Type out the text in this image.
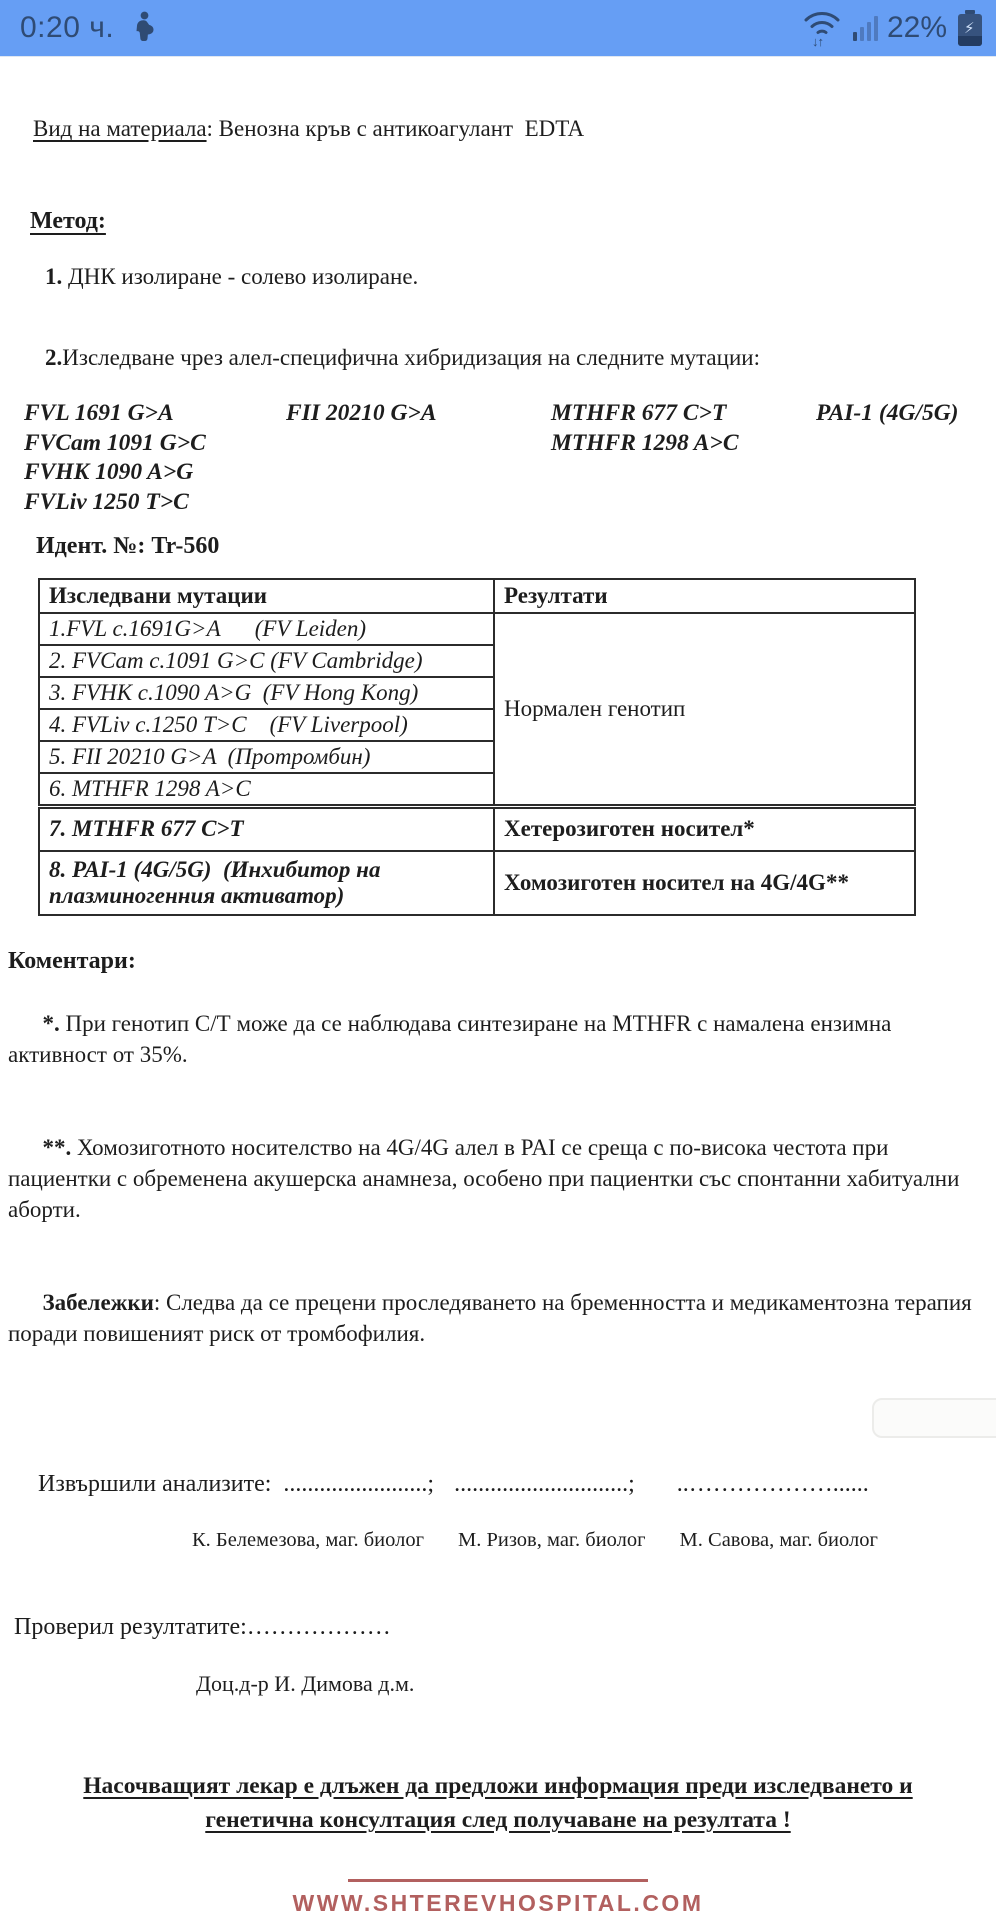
0:20 ч.	↓↑ 22% ⚡

Вид на материала: Венозна кръв с антикоагулант  EDTA

Метод:

1. ДНК изолиране - солево изолиране.

2.Изследване чрез алел-специфична хибридизация на следните мутации:

FVL 1691 G>A	FII 20210 G>A	MTHFR 677 C>T	PAI-1 (4G/5G)
FVCam 1091 G>C	MTHFR 1298 A>C
FVHK 1090 A>G
FVLiv 1250 T>C
Идент. №: Tr-560
Изследвани мутации	Резултати
1.FVL c.1691G>A      (FV Leiden)	Нормален генотип
2. FVCam c.1091 G>C (FV Cambridge)	
3. FVHK c.1090 A>G  (FV Hong Kong)	
4. FVLiv c.1250 T>C    (FV Liverpool)	
5. FII 20210 G>A  (Протромбин)	
6. MTHFR 1298 A>C	
7. MTHFR 677 C>T	Хетерозиготен носител*
8. PAI-1 (4G/5G)  (Инхибитор на плазминогенния активатор)	Хомозиготен носител на 4G/4G**
Коментари:

*. При генотип С/Т може да се наблюдава синтезиране на MTHFR с намалена ензимна активност от 35%.

**. Хомозиготното носителство на 4G/4G алел в PAI се среща с по-висока честота при пациентки с обременена акушерска анамнеза, особено при пациентки със спонтанни хабитуални аборти.

Забележки: Следва да се прецени проследяването на бременността и медикаментозна терапия поради повишеният риск от тромбофилия.

Извършили анализите: ........................; .............................; ..………………......

К. Белемезова, маг. биолог М. Ризов, маг. биолог М. Савова, маг. биолог
Проверил резултатите:………………
Доц.д-р И. Димова д.м.
Насочващият лекар е длъжен да предложи информация преди изследването и
генетична консултация след получаване на резултата !
WWW.SHTEREVHOSPITAL.COM
